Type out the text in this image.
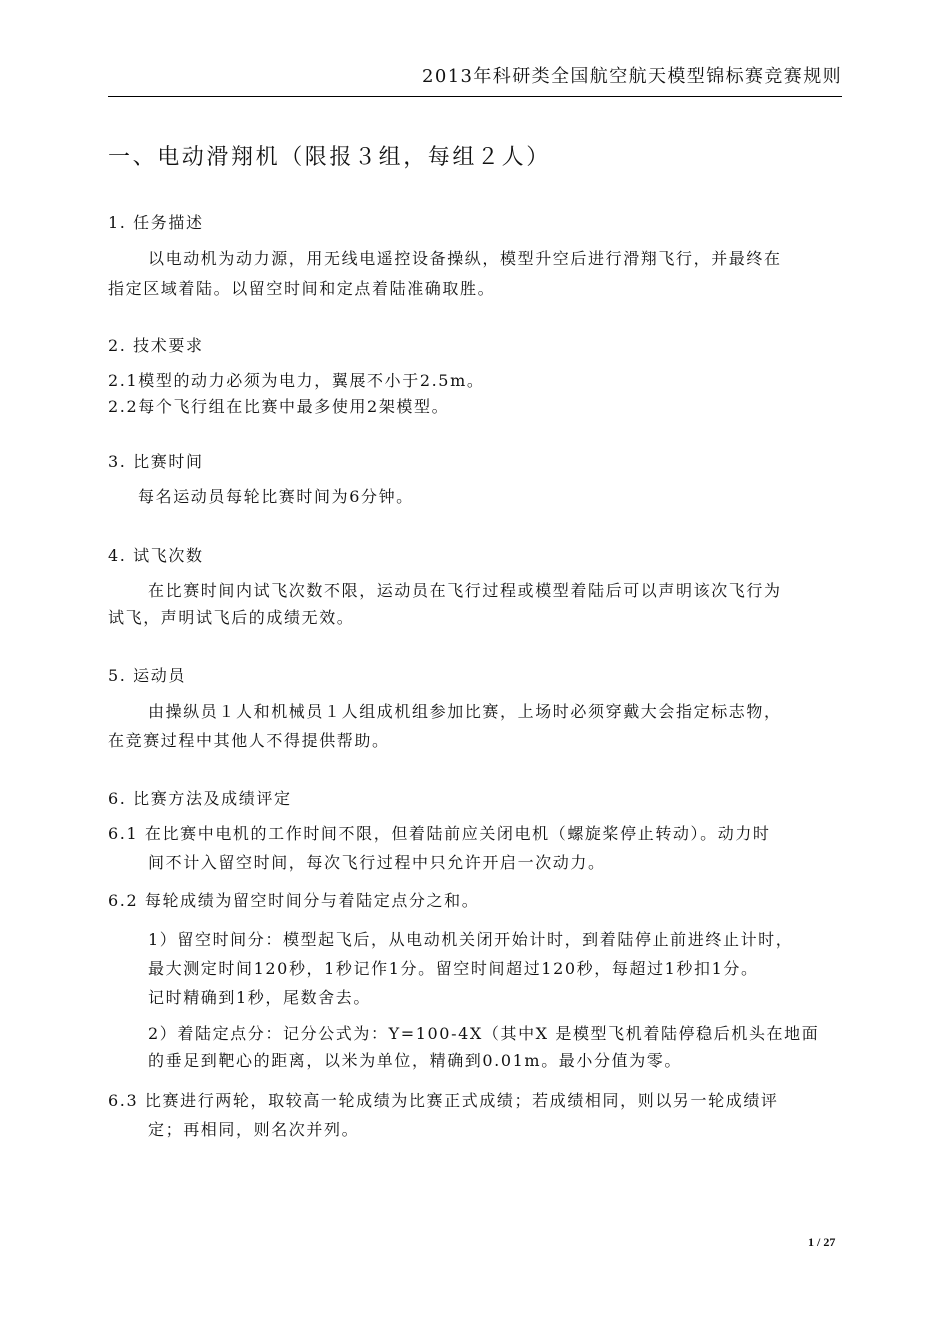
2013年科研类全国航空航天模型锦标赛竞赛规则
一、电动滑翔机（限报３组，每组２人）
1. 任务描述
以电动机为动力源，用无线电遥控设备操纵，模型升空后进行滑翔飞行，并最终在
指定区域着陆。以留空时间和定点着陆准确取胜。
2. 技术要求
2.1模型的动力必须为电力，翼展不小于2.5m。
2.2每个飞行组在比赛中最多使用2架模型。
3. 比赛时间
每名运动员每轮比赛时间为6分钟。
4. 试飞次数
在比赛时间内试飞次数不限，运动员在飞行过程或模型着陆后可以声明该次飞行为
试飞，声明试飞后的成绩无效。
5. 运动员
由操纵员１人和机械员１人组成机组参加比赛，上场时必须穿戴大会指定标志物，
在竞赛过程中其他人不得提供帮助。
6. 比赛方法及成绩评定
6.1 在比赛中电机的工作时间不限，但着陆前应关闭电机（螺旋桨停止转动）。动力时
间不计入留空时间，每次飞行过程中只允许开启一次动力。
6.2 每轮成绩为留空时间分与着陆定点分之和。
1）留空时间分：模型起飞后，从电动机关闭开始计时，到着陆停止前进终止计时，
最大测定时间120秒，1秒记作1分。留空时间超过120秒，每超过1秒扣1分。
记时精确到1秒，尾数舍去。
2）着陆定点分：记分公式为：Y=100-4X（其中X 是模型飞机着陆停稳后机头在地面
的垂足到靶心的距离，以米为单位，精确到0.01m。最小分值为零。
6.3 比赛进行两轮，取较高一轮成绩为比赛正式成绩；若成绩相同，则以另一轮成绩评
定；再相同，则名次并列。
1 / 27
